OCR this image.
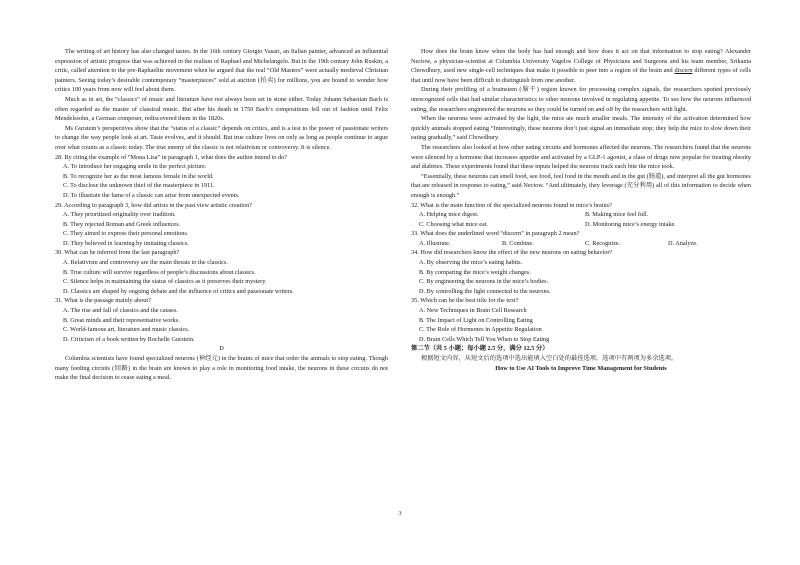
The writing of art history has also changed tastes. In the 16th century Giorgio Vasari, an Italian painter, advanced an influential expression of artistic progress that was achieved in the realism of Raphael and Michelangelo. But in the 19th century John Ruskin, a critic, called attention to the pre-Raphaelite movement when he argued that the real “Old Masters” were actually medieval Christian painters. Seeing today’s desirable contemporary “masterpieces” sold at auction (拍卖) for millions, you are bound to wonder how critics 100 years from now will feel about them.

Much as in art, the “classics” of music and literature have not always been set in stone either. Today Johann Sebastian Bach is often regarded as the master of classical music. But after his death in 1750 Bach’s compositions fell out of fashion until Felix Mendelssohn, a German composer, rediscovered them in the 1820s.

Ms Gurstein’s perspectives show that the “status of a classic” depends on critics, and is a test to the power of passionate writers to change the way people look at art. Taste evolves, and it should. But true culture lives on only as long as people continue to argue over what counts as a classic today. The true enemy of the classic is not relativism or controversy. It is silence.

28. By citing the example of “Mona Lisa” in paragraph 1, what does the author intend to do?
A. To introduce her engaging smile in the perfect picture.
B. To recognize her as the most famous female in the world.
C. To disclose the unknown thief of the masterpiece in 1911.
D. To illustrate the fame of a classic can arise from unexpected events.
29. According to paragraph 3, how did artists in the past view artistic creation?
A. They prioritized originality over tradition.
B. They rejected Roman and Greek influences.
C. They aimed to express their personal emotions.
D. They believed in learning by imitating classics.
30. What can be inferred from the last paragraph?
A. Relativism and controversy are the main threats to the classics.
B. True culture will survive regardless of people’s discussions about classics.
C. Silence helps in maintaining the status of classics as it preserves their mystery.
D. Classics are shaped by ongoing debate and the influence of critics and passionate writers.
31. What is the passage mainly about?
A. The rise and fall of classics and the causes.
B. Great minds and their representative works.
C. World-famous art, literature and music classics.
D. Criticism of a book written by Rochelle Gurstein.
D

Columbia scientists have found specialized neurons (神经元) in the brains of mice that order the animals to stop eating. Though many feeding circuits (回路) in the brain are known to play a role in monitoring food intake, the neurons in these circuits do not make the final decision to cease eating a meal.

How does the brain know when the body has had enough and how does it act on that information to stop eating? Alexander Nectow, a physician-scientist at Columbia University Vagelos College of Physicians and Surgeons and his team member, Srikanta Chowdhury, used new single-cell techniques that make it possible to peer into a region of the brain and discern different types of cells that until now have been difficult to distinguish from one another.

During their profiling of a brainstem (脑干) region known for processing complex signals, the researchers spotted previously unrecognized cells that had similar characteristics to other neurons involved in regulating appetite. To see how the neurons influenced eating, the researchers engineered the neurons so they could be turned on and off by the researchers with light.

When the neurons were activated by the light, the mice ate much smaller meals. The intensity of the activation determined how quickly animals stopped eating “Interestingly, these neurons don’t just signal an immediate stop; they help the mice to slow down their eating gradually,” said Chowdhury.

The researchers also looked at how other eating circuits and hormones affected the neurons. The researchers found that the neurons were silenced by a hormone that increases appetite and activated by a GLP-1 agonist, a class of drugs now popular for treating obesity and diabetes. These experiments found that these inputs helped the neurons track each bite the mice took.

“Essentially, these neurons can smell food, see food, feel food in the mouth and in the gut (肠道), and interpret all the gut hormones that are released in response to eating,” said Nectow. “And ultimately, they leverage (充分利用) all of this information to decide when enough is enough.”

32. What is the main function of the specialized neurons found in mice’s brains?
A. Helping mice digest.	B. Making mice feel full.
C. Choosing what mice eat.	D. Monitoring mice’s energy intake.
33. What does the underlined word “discern” in paragraph 2 mean?
A. Illustrate.	B. Combine.	C. Recognize.	D. Analyze.
34. How did researchers know the effect of the new neurons on eating behavior?
A. By observing the mice’s eating habits.
B. By comparing the mice’s weight changes.
C. By engineering the neurons in the mice’s bodies.
D. By controlling the light connected to the neurons.
35. Which can be the best title for the text?
A. New Techniques in Brain Cell Research
B. The Impact of Light on Controlling Eating
C. The Role of Hormones in Appetite Regulation
D. Brain Cells Which Tell You When to Stop Eating
第二节（共 5 小题；每小题 2.5 分，满分 12.5 分）

根据短文内容，从短文后的选项中选出能填入空白处的最佳选项。选项中有两项为多余选项。

How to Use AI Tools to Improve Time Management for Students
3
